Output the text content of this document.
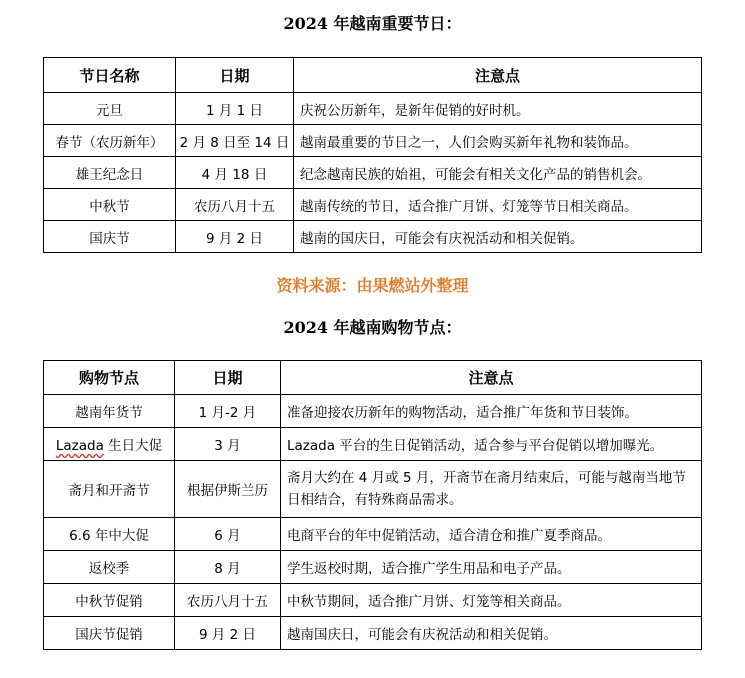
2024 年越南重要节日：
节日名称	日期	注意点
元旦	1 月 1 日	庆祝公历新年，是新年促销的好时机。
春节（农历新年）	2 月 8 日至 14 日	越南最重要的节日之一，人们会购买新年礼物和装饰品。
雄王纪念日	4 月 18 日	纪念越南民族的始祖，可能会有相关文化产品的销售机会。
中秋节	农历八月十五	越南传统的节日，适合推广月饼、灯笼等节日相关商品。
国庆节	9 月 2 日	越南的国庆日，可能会有庆祝活动和相关促销。
资料来源：由果燃站外整理
2024 年越南购物节点：
购物节点	日期	注意点
越南年货节	1 月-2 月	准备迎接农历新年的购物活动，适合推广年货和节日装饰。
Lazada 生日大促	3 月	Lazada 平台的生日促销活动，适合参与平台促销以增加曝光。
斋月和开斋节	根据伊斯兰历	斋月大约在 4 月或 5 月，开斋节在斋月结束后，可能与越南当地节日相结合，有特殊商品需求。
6.6 年中大促	6 月	电商平台的年中促销活动，适合清仓和推广夏季商品。
返校季	8 月	学生返校时期，适合推广学生用品和电子产品。
中秋节促销	农历八月十五	中秋节期间，适合推广月饼、灯笼等相关商品。
国庆节促销	9 月 2 日	越南国庆日，可能会有庆祝活动和相关促销。
